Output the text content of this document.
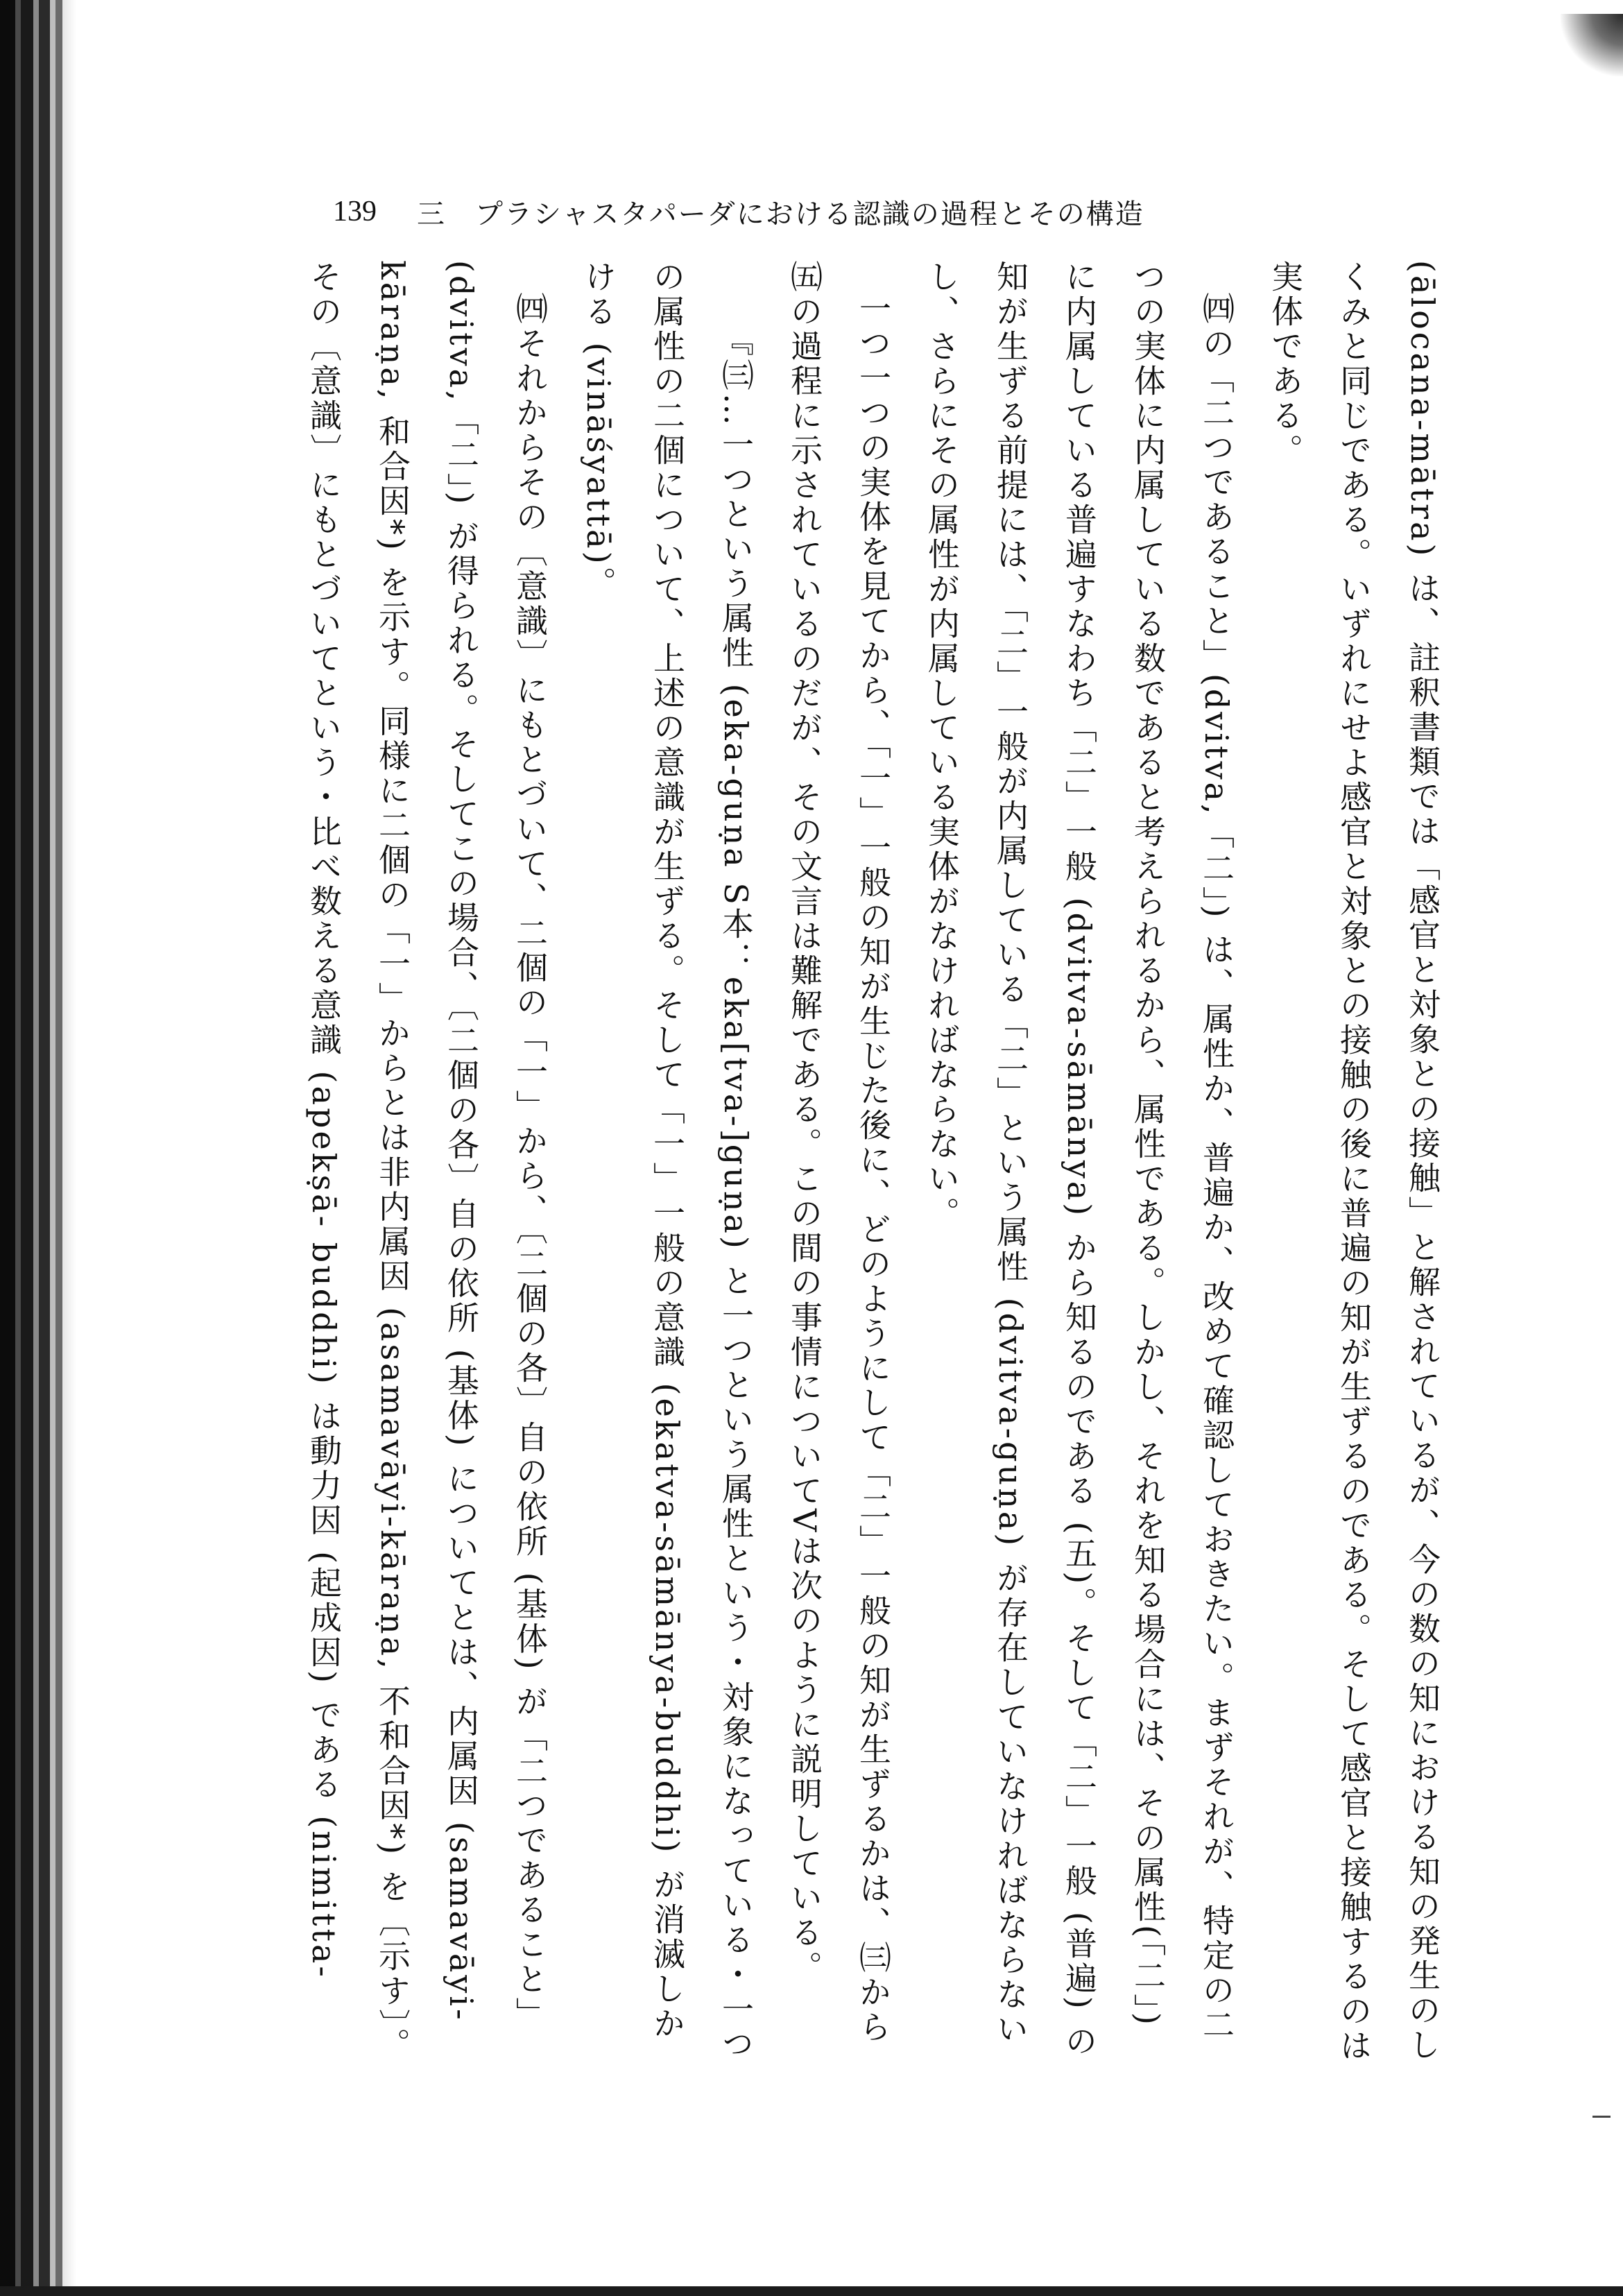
139 三　プラシャスタパーダにおける認識の過程とその構造

(ālocana-mātra) は、註釈書類では「感官と対象との接触」と解されているが、今の数の知における知の発生のしくみと同じである。いずれにせよ感官と対象との接触の後に普遍の知が生ずるのである。そして感官と接触するのは実体である。

㈣の「二つであること」(dvitva,「二」) は、属性か、普遍か、改めて確認しておきたい。まずそれが、特定の二つの実体に内属している数であると考えられるから、属性である。しかし、それを知る場合には、その属性(「二」) に内属している普遍すなわち「二」一般 (dvitva-sāmānya) から知るのである (五)。そして「二」一般 (普遍) の知が生ずる前提には、「二」一般が内属している「二」という属性 (dvitva-guṇa) が存在していなければならないし、さらにその属性が内属している実体がなければならない。

一つ一つの実体を見てから、「一」一般の知が生じた後に、どのようにして「二」一般の知が生ずるかは、㈢から㈤の過程に示されているのだが、その文言は難解である。この間の事情についてVは次のように説明している。

『㈢…一つという属性 (eka-guṇa S本：eka[tva-]guṇa) と一つという属性という・対象になっている・一つの属性の二個について、上述の意識が生ずる。そして「一」一般の意識 (ekatva-sāmānya-buddhi) が消滅しかける (vināśyattā)。

㈣それからその〔意識〕にもとづいて、二個の「一」から、〔二個の各〕自の依所 (基体) が「二つであること」(dvitva,「二」) が得られる。そしてこの場合、〔二個の各〕自の依所 (基体) についてとは、内属因 (samavāyi-kāraṇa, 和合因*) を示す。同様に二個の「一」からとは非内属因 (asamavāyi-kāraṇa, 不和合因*) を〔示す〕。その〔意識〕にもとづいてという・比べ数える意識 (apekṣā- buddhi) は動力因 (起成因) である (nimitta-
